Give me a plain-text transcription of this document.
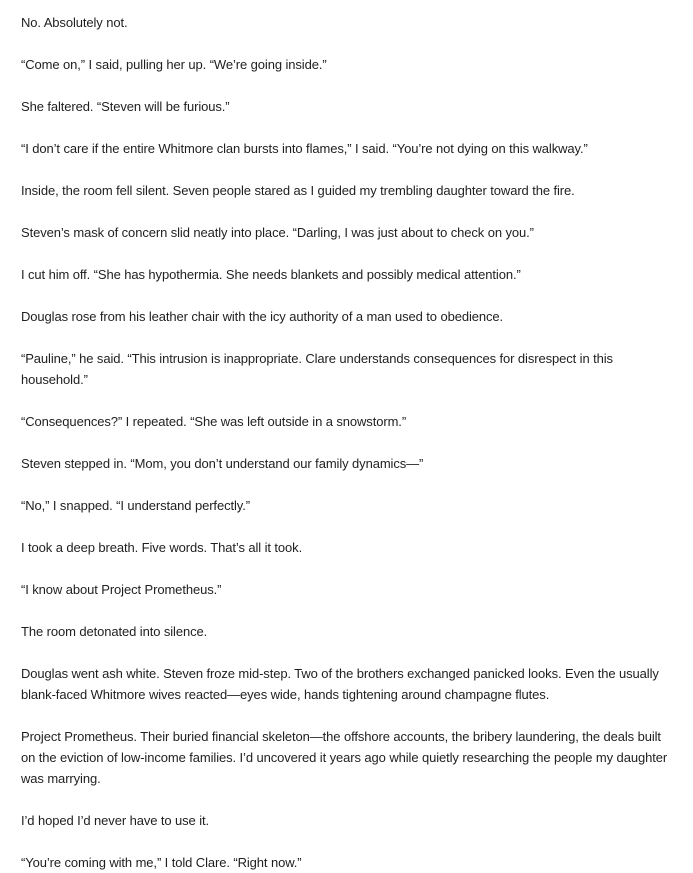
No. Absolutely not.

“Come on,” I said, pulling her up. “We’re going inside.”

She faltered. “Steven will be furious.”

“I don’t care if the entire Whitmore clan bursts into flames,” I said. “You’re not dying on this walkway.”

Inside, the room fell silent. Seven people stared as I guided my trembling daughter toward the fire.

Steven’s mask of concern slid neatly into place. “Darling, I was just about to check on you.”

I cut him off. “She has hypothermia. She needs blankets and possibly medical attention.”

Douglas rose from his leather chair with the icy authority of a man used to obedience.

“Pauline,” he said. “This intrusion is inappropriate. Clare understands consequences for disrespect in this household.”

“Consequences?” I repeated. “She was left outside in a snowstorm.”

Steven stepped in. “Mom, you don’t understand our family dynamics—”

“No,” I snapped. “I understand perfectly.”

I took a deep breath. Five words. That’s all it took.

“I know about Project Prometheus.”

The room detonated into silence.

Douglas went ash white. Steven froze mid-step. Two of the brothers exchanged panicked looks. Even the usually blank-faced Whitmore wives reacted—eyes wide, hands tightening around champagne flutes.

Project Prometheus. Their buried financial skeleton—the offshore accounts, the bribery laundering, the deals built on the eviction of low-income families. I’d uncovered it years ago while quietly researching the people my daughter was marrying.

I’d hoped I’d never have to use it.

“You’re coming with me,” I told Clare. “Right now.”
